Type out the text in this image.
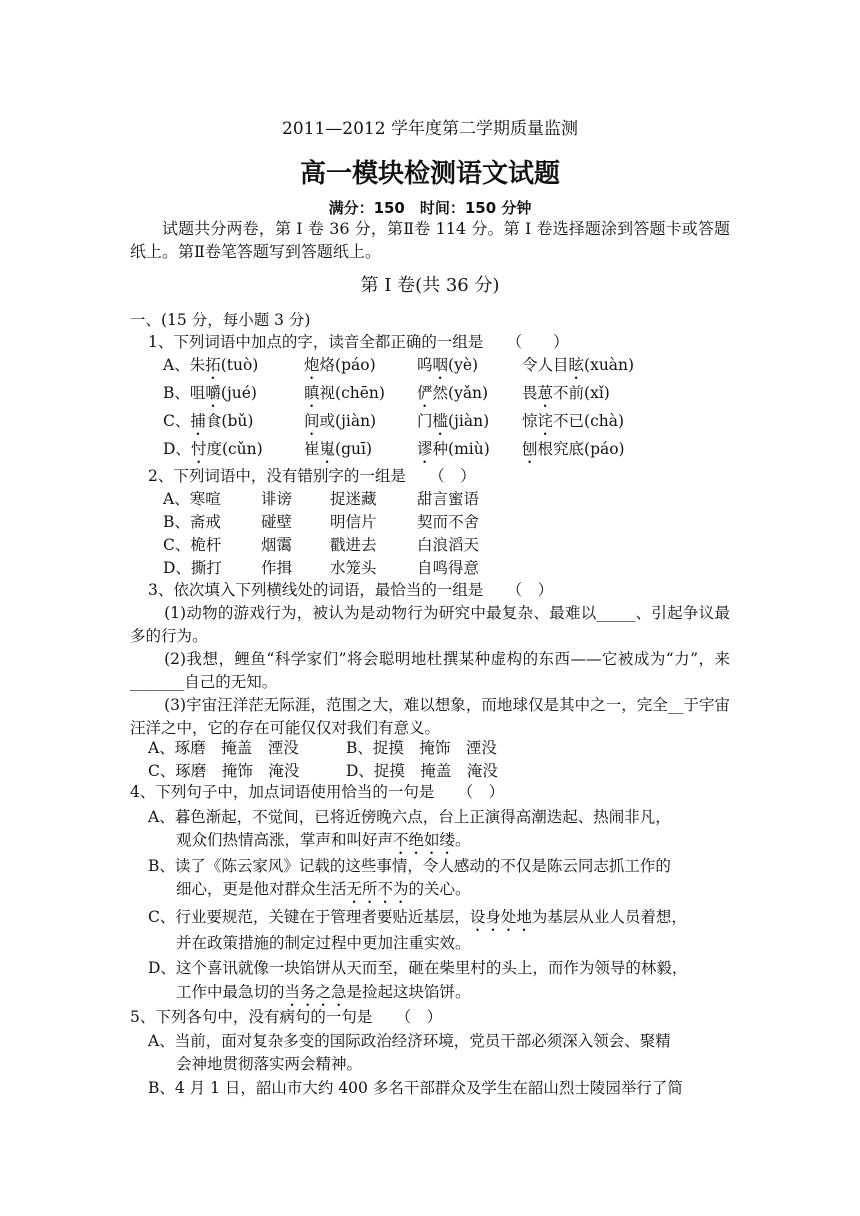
2011—2012 学年度第二学期质量监测
高一模块检测语文试题
满分：150　时间：150 分钟
试题共分两卷，第 I 卷 36 分，第Ⅱ卷 114 分。第 I 卷选择题涂到答题卡或答题纸上。第Ⅱ卷笔答题写到答题纸上。
第 I 卷(共 36 分)
一、(15 分，每小题 3 分)
1、下列词语中加点的字，读音全都正确的一组是　　（　　）
A、朱拓(tuò)	炮烙(páo)	呜咽(yè)	令人目眩(xuàn)
B、咀嚼(jué)	瞋视(chēn) 俨然(yǎn) 畏葸不前(xǐ)
C、捕食(bǔ)	间或(jiàn)	门槛(jiàn) 惊诧不已(chà)
D、忖度(cǔn)	崔嵬(guī)	谬种(miù) 刨根究底(páo)
2、下列词语中，没有错别字的一组是　　（　）
A、寒喧	诽谤 捉迷藏	甜言蜜语
B、斋戒	碰壁 明信片	契而不舍
C、桅杆	烟霭 戳进去	白浪滔天
D、撕打	作揖 水笼头	自鸣得意
3、依次填入下列横线处的词语，最恰当的一组是　　（　）
(1)动物的游戏行为，被认为是动物行为研究中最复杂、最难以_____、引起争议最多的行为。
(2)我想，鲤鱼“科学家们”将会聪明地杜撰某种虚构的东西——它被成为“力”，来_______自己的无知。
(3)宇宙汪洋茫无际涯，范围之大，难以想象，而地球仅是其中之一，完全__于宇宙汪洋之中，它的存在可能仅仅对我们有意义。
A、琢磨　掩盖　湮没	B、捉摸　掩饰　湮没
C、琢磨　掩饰　淹没	D、捉摸　掩盖　淹没
4、下列句子中，加点词语使用恰当的一句是　　（　）
A、暮色渐起，不觉间，已将近傍晚六点，台上正演得高潮迭起、热闹非凡，
观众们热情高涨，掌声和叫好声不绝如缕。
B、读了《陈云家风》记载的这些事情，令人感动的不仅是陈云同志抓工作的
细心，更是他对群众生活无所不为的关心。
C、行业要规范，关键在于管理者要贴近基层，设身处地为基层从业人员着想，
并在政策措施的制定过程中更加注重实效。
D、这个喜讯就像一块馅饼从天而至，砸在柴里村的头上，而作为领导的林毅，
工作中最急切的当务之急是捡起这块馅饼。
5、下列各句中，没有病句的一句是　　（　）
A、当前，面对复杂多变的国际政治经济环境，党员干部必须深入领会、聚精
会神地贯彻落实两会精神。
B、4 月 1 日，韶山市大约 400 多名干部群众及学生在韶山烈士陵园举行了简
